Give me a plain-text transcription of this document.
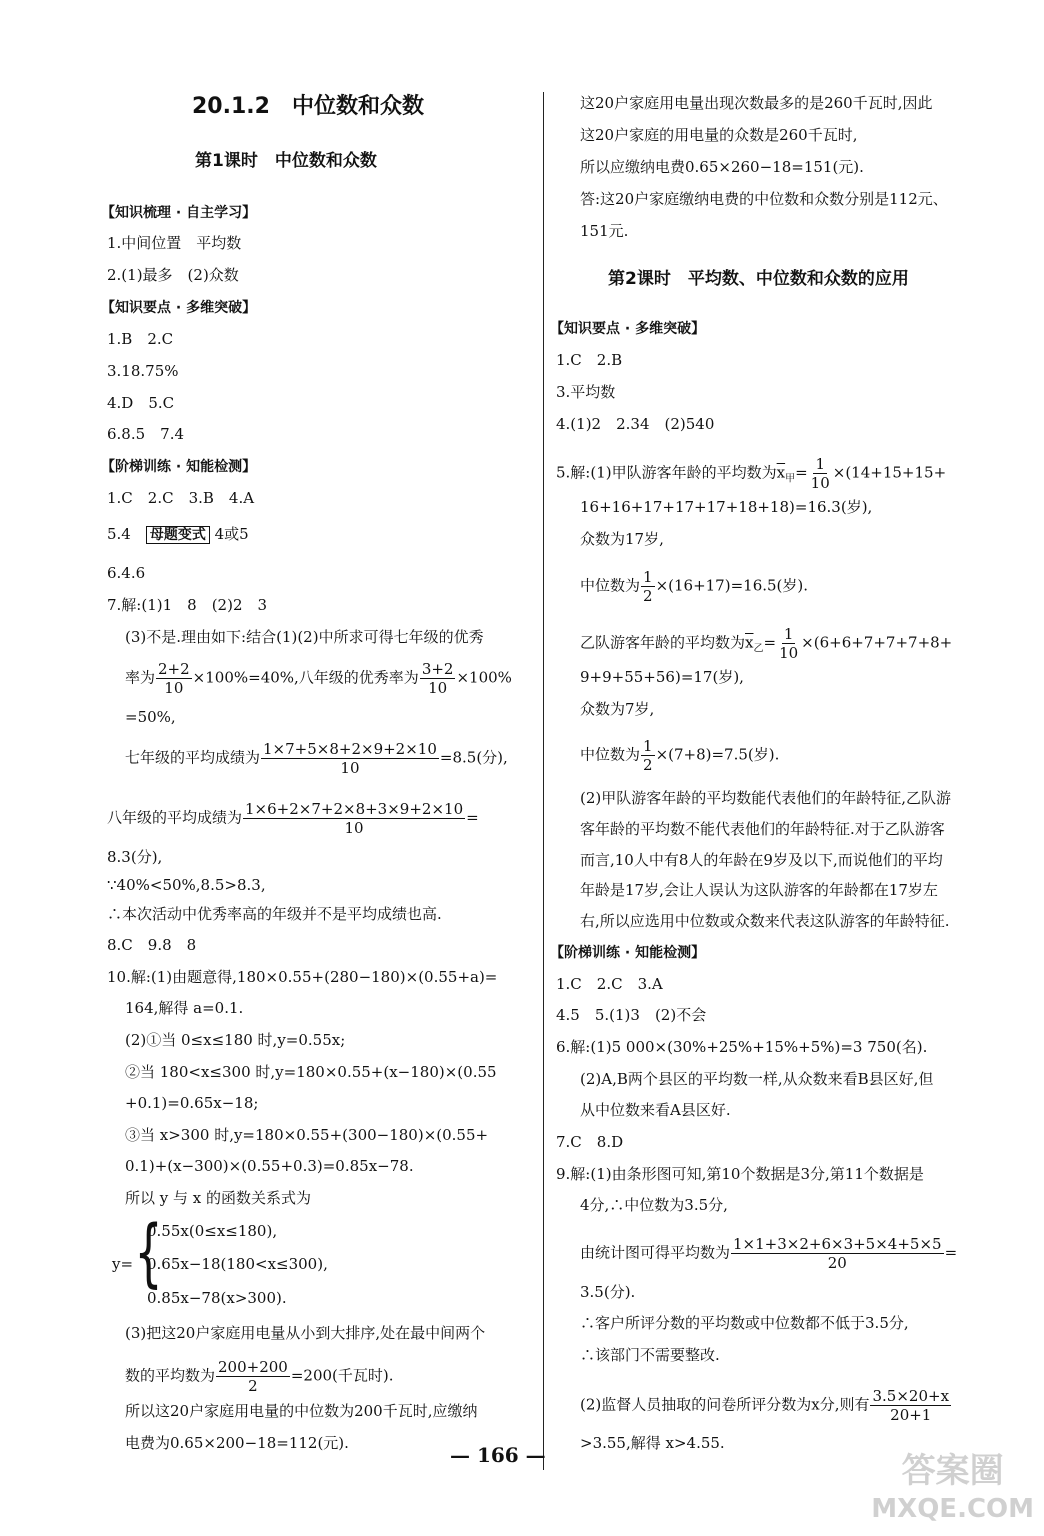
20.1.2　中位数和众数
第1课时　中位数和众数
【知识梳理 · 自主学习】
1.中间位置　平均数
2.(1)最多　(2)众数
【知识要点 · 多维突破】
1.B　2.C
3.18.75%
4.D　5.C
6.8.5　7.4
【阶梯训练 · 知能检测】
1.C　2.C　3.B　4.A
5.4　母题变式 4或5
6.4.6
7.解:(1)1　8　(2)2　3
(3)不是.理由如下:结合(1)(2)中所求可得七年级的优秀
率为 $\frac{2+2}{10} \times 100\%=40\%$,八年级的优秀率为 $\frac{3+2}{10} \times 100\%$
=50%,
七年级的平均成绩为 $\frac{1\times 7+5\times 8+2\times 9+2\times 10}{10} =8.5$(分),
八年级的平均成绩为 $\frac{1\times 6+2\times 7+2\times 8+3\times 9+2\times 10}{10}$ =
8.3(分),
∵40%<50%,8.5>8.3,
∴本次活动中优秀率高的年级并不是平均成绩也高.
8.C　9.8　8
10.解:(1)由题意得,180×0.55+(280−180)×(0.55+a)=
164,解得 a=0.1.
(2)①当 0≤x≤180 时,y=0.55x;
②当 180<x≤300 时,y=180×0.55+(x−180)×(0.55
+0.1)=0.65x−18;
③当 x>300 时,y=180×0.55+(300−180)×(0.55+
0.1)+(x−300)×(0.55+0.3)=0.85x−78.
所以 y 与 x 的函数关系式为
y= {
0.55x(0≤x≤180),
0.65x−18(180<x≤300),
0.85x−78(x>300).
(3)把这20户家庭用电量从小到大排序,处在最中间两个
数的平均数为 $\frac{200+200}{2} =200$(千瓦时).
所以这20户家庭用电量的中位数为200千瓦时,应缴纳
电费为0.65×200−18=112(元).
这20户家庭用电量出现次数最多的是260千瓦时,因此
这20户家庭的用电量的众数是260千瓦时,
所以应缴纳电费0.65×260−18=151(元).
答:这20户家庭缴纳电费的中位数和众数分别是112元、
151元.
第2课时　平均数、中位数和众数的应用
【知识要点 · 多维突破】
1.C　2.B
3.平均数
4.(1)2　2.34　(2)540
5.解:(1)甲队游客年龄的平均数为$\overline{x}_甲= \frac{1}{10} \times(14+15+15+$
16+16+17+17+17+18+18)=16.3(岁),
众数为17岁,
中位数为 $\frac{1}{2} \times(16+17)=16.5$(岁).
乙队游客年龄的平均数为$\overline{x}_乙= \frac{1}{10} \times(6+6+7+7+7+8+$
9+9+55+56)=17(岁),
众数为7岁,
中位数为 $\frac{1}{2} \times(7+8)=7.5$(岁).
(2)甲队游客年龄的平均数能代表他们的年龄特征,乙队游
客年龄的平均数不能代表他们的年龄特征.对于乙队游客
而言,10人中有8人的年龄在9岁及以下,而说他们的平均
年龄是17岁,会让人误认为这队游客的年龄都在17岁左
右,所以应选用中位数或众数来代表这队游客的年龄特征.
【阶梯训练 · 知能检测】
1.C　2.C　3.A
4.5　5.(1)3　(2)不会
6.解:(1)5 000×(30%+25%+15%+5%)=3 750(名).
(2)A,B两个县区的平均数一样,从众数来看B县区好,但
从中位数来看A县区好.
7.C　8.D
9.解:(1)由条形图可知,第10个数据是3分,第11个数据是
4分,∴中位数为3.5分,
由统计图可得平均数为 $\frac{1\times 1+3\times 2+6\times 3+5\times 4+5\times 5}{20}$ =
3.5(分).
∴客户所评分数的平均数或中位数都不低于3.5分,
∴该部门不需要整改.
(2)监督人员抽取的问卷所评分数为x分,则有 $\frac{3.5\times 20+x}{20+1}$
>3.55,解得 x>4.55.
— 166 —	答案圈
MXQE.COM
